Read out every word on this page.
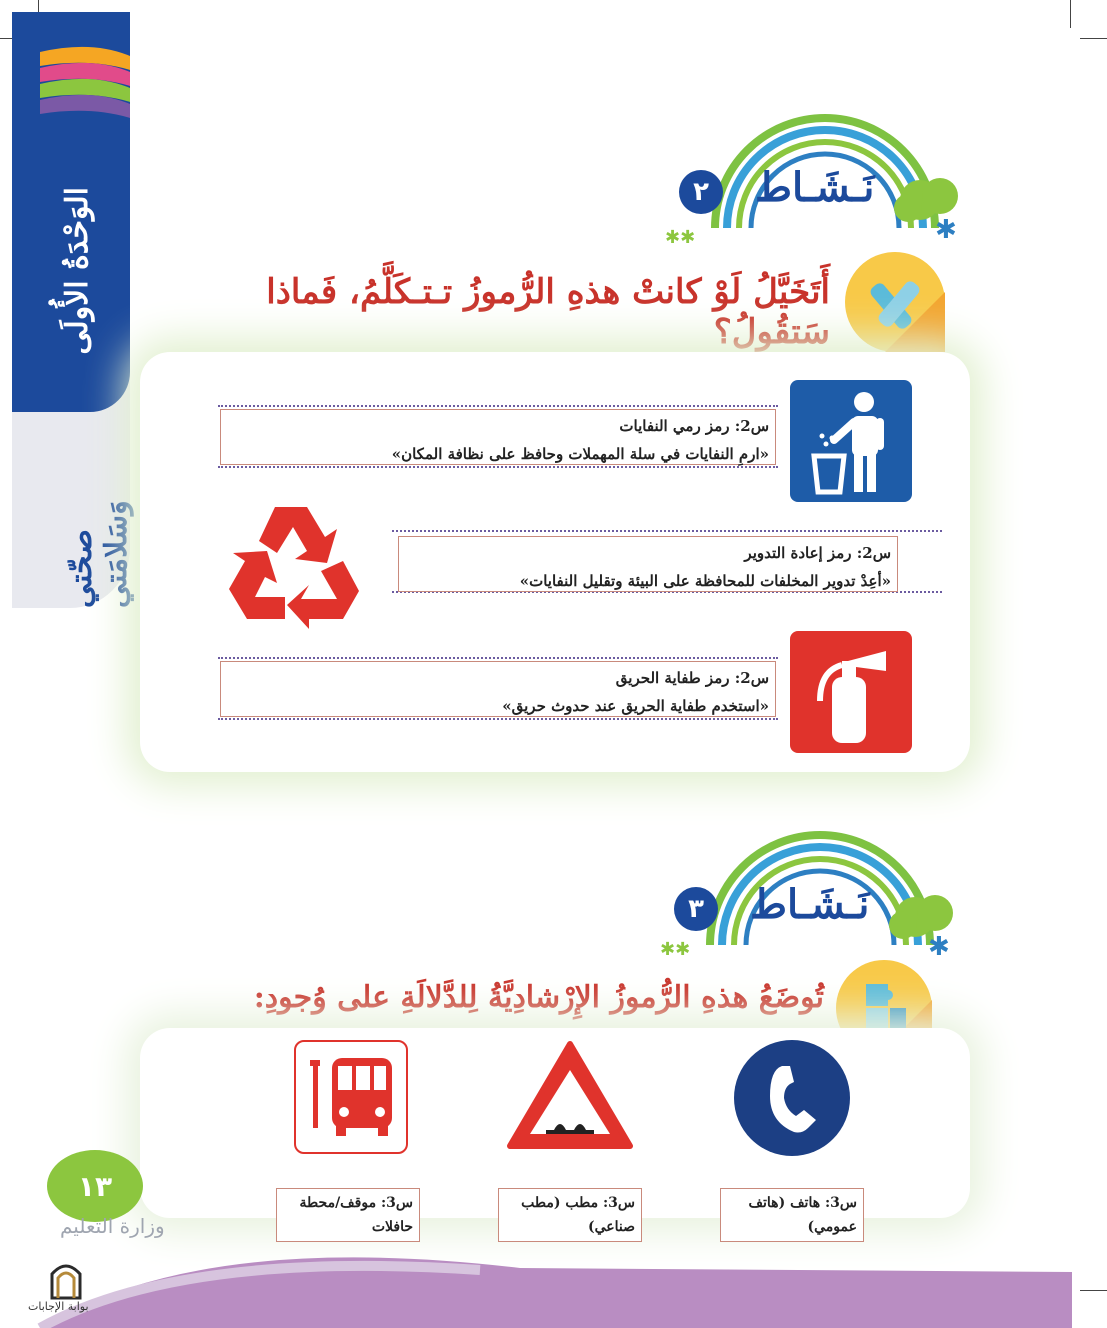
الوَحْدَةُ الأُولَى
صحّتي وَسَلامَتي
✱
✱✱
نَـشَـاط
٢
أَتَخَيَّلُ لَوْ كانتْ هذهِ الرُّموزُ تـتـكَلَّمُ، فَماذا سَتقُولُ؟
س2: رمز رمي النفايات
«ارمِ النفايات في سلة المهملات وحافظ على نظافة المكان»
س2: رمز إعادة التدوير
«أعِدْ تدوير المخلفات للمحافظة على البيئة وتقليل النفايات»
س2: رمز طفاية الحريق
«استخدم طفاية الحريق عند حدوث حريق»
✱
✱✱
نَـشَـاط
٣
تُوضَعُ هذهِ الرُّموزُ الإِرْشادِيَّةُ لِلدَّلالَةِ على وُجودِ:
س3: هاتف (هاتف عمومي)
س3: مطب (مطب صناعي)
س3: موقف/محطة حافلات
١٣
وزارة التعليم
بوابة الإجابات
